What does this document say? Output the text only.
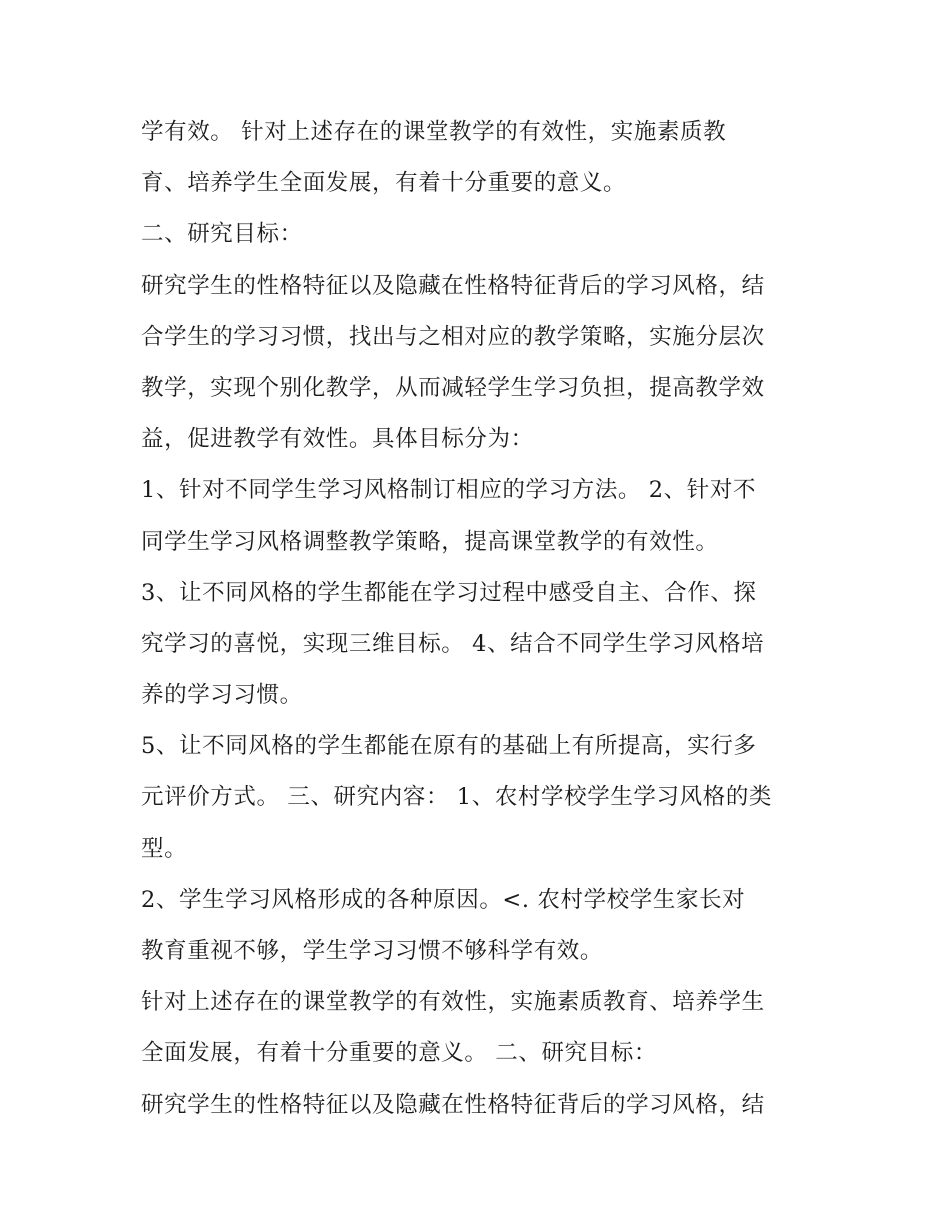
学有效。 针对上述存在的课堂教学的有效性，实施素质教
育、培养学生全面发展，有着十分重要的意义。
二、研究目标：
研究学生的性格特征以及隐藏在性格特征背后的学习风格，结
合学生的学习习惯，找出与之相对应的教学策略，实施分层次
教学，实现个别化教学，从而减轻学生学习负担，提高教学效
益，促进教学有效性。具体目标分为：
1、针对不同学生学习风格制订相应的学习方法。 2、针对不
同学生学习风格调整教学策略，提高课堂教学的有效性。
3、让不同风格的学生都能在学习过程中感受自主、合作、探
究学习的喜悦，实现三维目标。 4、结合不同学生学习风格培
养的学习习惯。
5、让不同风格的学生都能在原有的基础上有所提高，实行多
元评价方式。 三、研究内容： 1、农村学校学生学习风格的类
型。
2、学生学习风格形成的各种原因。<. 农村学校学生家长对
教育重视不够，学生学习习惯不够科学有效。
针对上述存在的课堂教学的有效性，实施素质教育、培养学生
全面发展，有着十分重要的意义。 二、研究目标：
研究学生的性格特征以及隐藏在性格特征背后的学习风格，结
